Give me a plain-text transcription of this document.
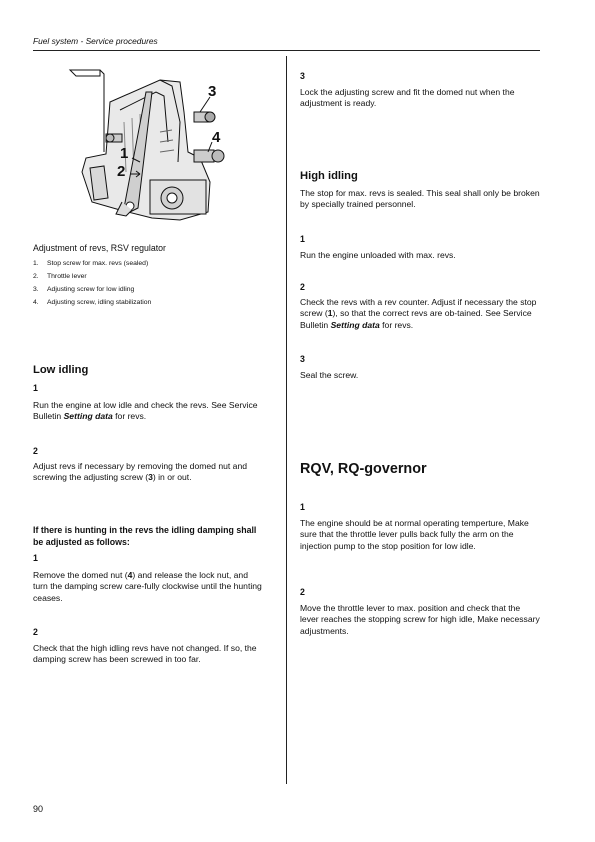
Fuel system - Service procedures
3
4
1
2
Adjustment of revs, RSV regulator
1.	Stop screw for max. revs (sealed)
2.	Throttle lever
3.	Adjusting screw for low idling
4.	Adjusting screw, idling stabilization
Low idling
1
Run the engine at low idle and check the revs. See Service Bulletin Setting data for revs.
2
Adjust revs if necessary by removing the domed nut and screwing the adjusting screw (3) in or out.
If there is hunting in the revs the idling damping shall be adjusted as follows:
1
Remove the domed nut (4) and release the lock nut, and turn the damping screw care-fully clockwise until the hunting ceases.
2
Check that the high idling revs have not changed. If so, the damping screw has been screwed in too far.
3
Lock the adjusting screw and fit the domed nut when the adjustment is ready.
High idling
The stop for max. revs is sealed. This seal shall only be broken by specially trained personnel.
1
Run the engine unloaded with max. revs.
2
Check the revs with a rev counter. Adjust if necessary the stop screw (1), so that the correct revs are ob-tained. See Service Bulletin Setting data for revs.
3
Seal the screw.
RQV, RQ-governor
1
The engine should be at normal operating temperture, Make sure that the throttle lever pulls back fully the arm on the injection pump to the stop position for low idle.
2
Move the throttle lever to max. position and check that the lever reaches the stopping screw for high idle, Make necessary adjustments.
90
